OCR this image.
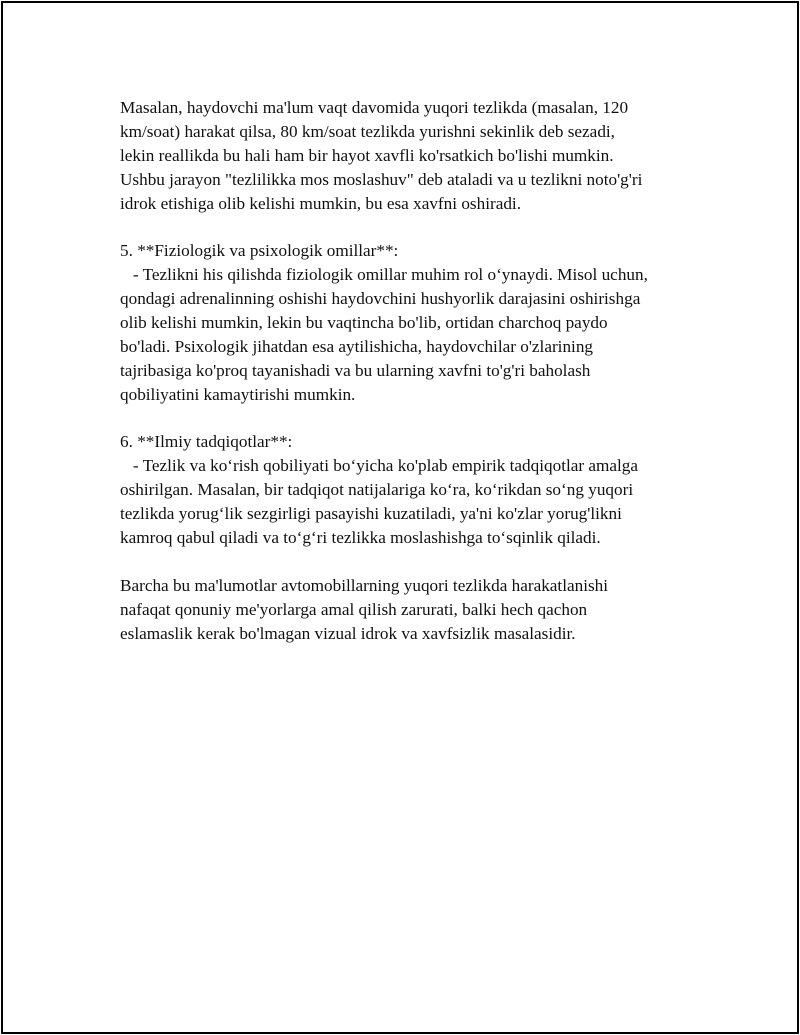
Masalan, haydovchi ma'lum vaqt davomida yuqori tezlikda (masalan, 120
km/soat) harakat qilsa, 80 km/soat tezlikda yurishni sekinlik deb sezadi,
lekin reallikda bu hali ham bir hayot xavfli ko'rsatkich bo'lishi mumkin.
Ushbu jarayon "tezlilikka mos moslashuv" deb ataladi va u tezlikni noto'g'ri
idrok etishiga olib kelishi mumkin, bu esa xavfni oshiradi.
5. **Fiziologik va psixologik omillar**:
- Tezlikni his qilishda fiziologik omillar muhim rol o‘ynaydi. Misol uchun,
qondagi adrenalinning oshishi haydovchini hushyorlik darajasini oshirishga
olib kelishi mumkin, lekin bu vaqtincha bo'lib, ortidan charchoq paydo
bo'ladi. Psixologik jihatdan esa aytilishicha, haydovchilar o'zlarining
tajribasiga ko'proq tayanishadi va bu ularning xavfni to'g'ri baholash
qobiliyatini kamaytirishi mumkin.
6. **Ilmiy tadqiqotlar**:
- Tezlik va ko‘rish qobiliyati bo‘yicha ko'plab empirik tadqiqotlar amalga
oshirilgan. Masalan, bir tadqiqot natijalariga ko‘ra, ko‘rikdan so‘ng yuqori
tezlikda yorug‘lik sezgirligi pasayishi kuzatiladi, ya'ni ko'zlar yorug'likni
kamroq qabul qiladi va to‘g‘ri tezlikka moslashishga to‘sqinlik qiladi.
Barcha bu ma'lumotlar avtomobillarning yuqori tezlikda harakatlanishi
nafaqat qonuniy me'yorlarga amal qilish zarurati, balki hech qachon
eslamaslik kerak bo'lmagan vizual idrok va xavfsizlik masalasidir.
